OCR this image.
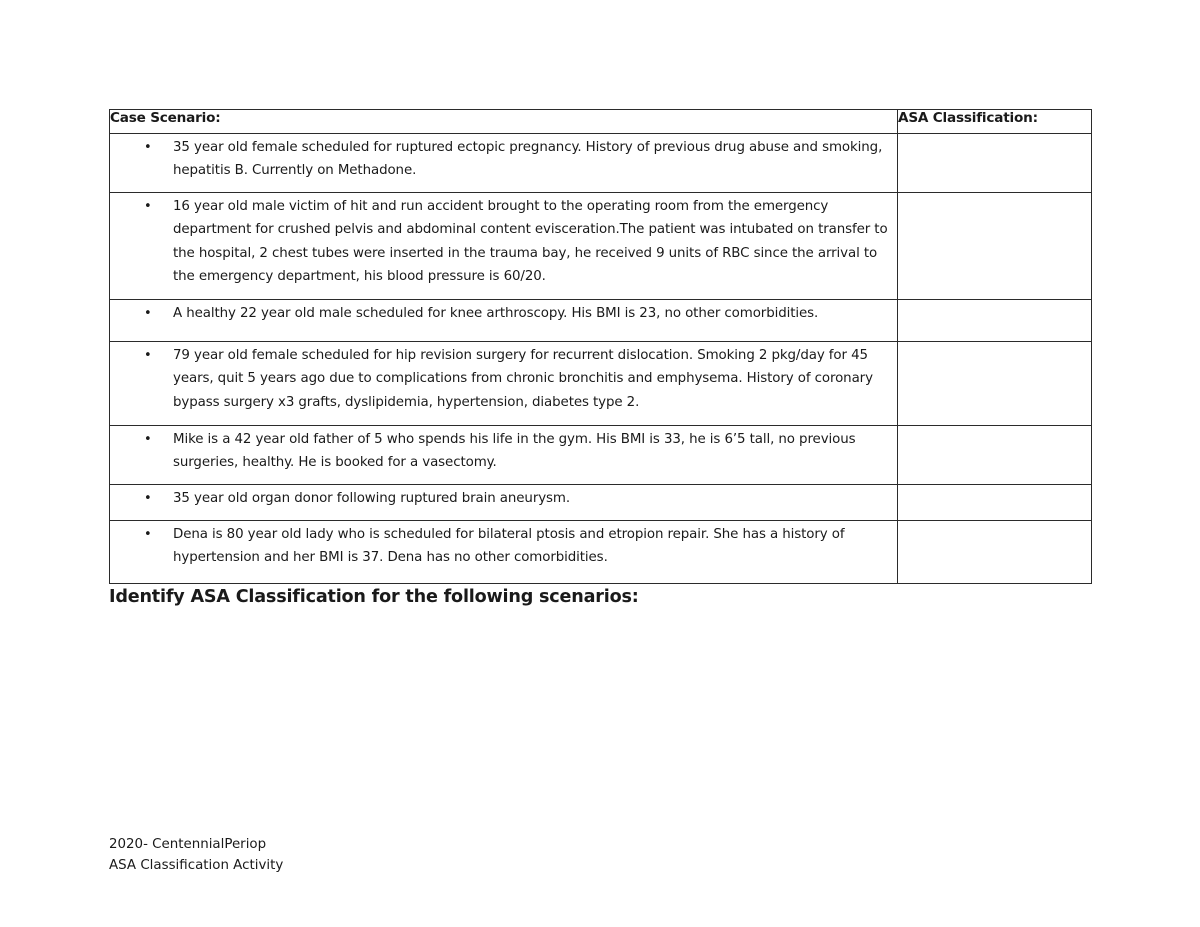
Case Scenario:	ASA Classification:

• 35 year old female scheduled for ruptured ectopic pregnancy. History of previous drug abuse and smoking, hepatitis B. Currently on Methadone.	

• 16 year old male victim of hit and run accident brought to the operating room from the emergency department for crushed pelvis and abdominal content evisceration.The patient was intubated on transfer to the hospital, 2 chest tubes were inserted in the trauma bay, he received 9 units of RBC since the arrival to the emergency department, his blood pressure is 60/20.	

• A healthy 22 year old male scheduled for knee arthroscopy. His BMI is 23, no other comorbidities.	

• 79 year old female scheduled for hip revision surgery for recurrent dislocation. Smoking 2 pkg/day for 45 years, quit 5 years ago due to complications from chronic bronchitis and emphysema. History of coronary bypass surgery x3 grafts, dyslipidemia, hypertension, diabetes type 2.	

• Mike is a 42 year old father of 5 who spends his life in the gym. His BMI is 33, he is 6’5 tall, no previous surgeries, healthy. He is booked for a vasectomy.	

• 35 year old organ donor following ruptured brain aneurysm.	

• Dena is 80 year old lady who is scheduled for bilateral ptosis and etropion repair. She has a history of hypertension and her BMI is 37. Dena has no other comorbidities.	

Identify ASA Classification for the following scenarios:
2020- CentennialPeriop
ASA Classification Activity
